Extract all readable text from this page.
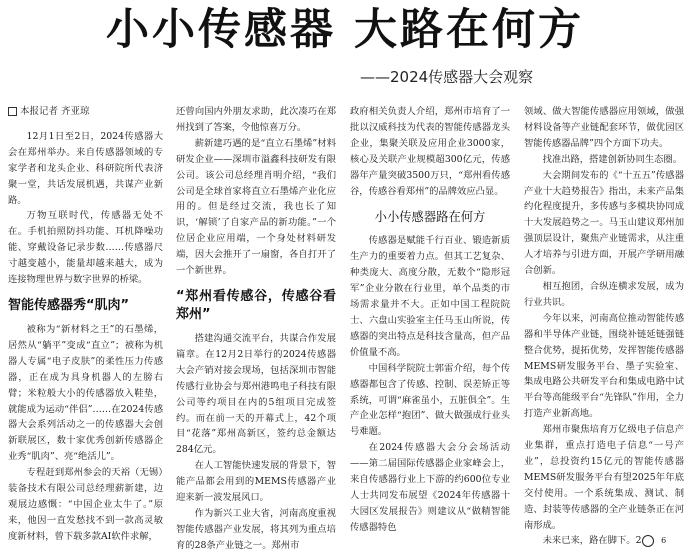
小小传感器 大路在何方
——2024传感器大会观察
本报记者 齐亚琼

12月1日至2日，2024传感器大会在郑州举办。来自传感器领域的专家学者和龙头企业、科研院所代表济聚一堂，共话发展机遇，共谋产业新路。

万物互联时代，传感器无处不在。手机拍照防抖功能、耳机降噪功能、穿戴设备记录步数……传感器尺寸越变越小，能量却越来越大，成为连接物理世界与数字世界的桥梁。

智能传感器秀“肌肉”

被称为“新材料之王”的石墨烯，居然从“躺平”变成“直立”；被称为机器人专属“电子皮肤”的柔性压力传感器，正在成为具身机器人的左膀右臂；米粒般大小的传感器放入鞋垫，就能成为运动“伴侣”……在2024传感器大会系列活动之一的传感器大会创新联展区，数十家优秀创新传感器企业秀“肌肉”、亮“绝活儿”。

专程赶到郑州参会的天裕（无锡）装备技术有限公司总经理薪新建，边观展边感慨：“中国企业太牛了。”原来，他因一直发愁找不到一款高灵敏度新材料，曾下载多款AI软件求解，

还曾向国内外朋友求助，此次凑巧在郑州找到了答案，令他惊喜万分。

薪新建巧遇的是“直立石墨烯”材料研发企业——深圳市溢鑫科技研发有限公司。该公司总经理肖明介绍，“我们公司是全球首家将直立石墨烯产业化应用的。但是经过交流，我也长了知识，‘解锁’了自家产品的新功能。”一个位居企业应用端，一个身处材料研发端，因大会推开了一扇窗，各自打开了一个新世界。

“郑州看传感谷，传感谷看郑州”

搭建沟通交流平台，共谋合作发展篇章。在12月2日举行的2024传感器大会产销对接会现场，包括深圳市智能传感行业协会与郑州港鸣电子科技有限公司等约项目在内的5组项目完成签约。而在前一天的开幕式上，42个项目“花落”郑州高新区，签约总金额达284亿元。

在人工智能快速发展的背景下，智能产品都会用到的MEMS传感器产业迎来新一波发展风口。

作为新兴工业大省，河南高度重视智能传感器产业发展，将其列为重点培育的28条产业链之一。郑州市

政府相关负责人介绍，郑州市培育了一批以汉威科技为代表的智能传感器龙头企业，集聚关联及应用企业3000家，核心及关联产业规模超300亿元，传感器年产量突破3500万只，“郑州看传感谷，传感谷看郑州”的品牌效应凸显。

小小传感器路在何方

传感器是赋能千行百业、锻造新质生产力的重要着力点。但其工艺复杂、种类庞大、高度分散，无数个“隐形冠军”企业分散在行业里，单个品类的市场需求量并不大。正如中国工程院院士、六盘山实验室主任马玉山所说，传感器的突出特点是科技含量高，但产品价值量不高。

中国科学院院士郭雷介绍，每个传感器都包含了传感、控制、误差矫正等系统，可谓“麻雀虽小，五脏俱全”。生产企业怎样“抱团”、做大做强成行业头号难题。

在2024传感器大会分会场活动——第二届国际传感器企业家峰会上，来自传感器行业上下游的约600位专业人士共同发布展望《2024年传感器十大园区发展报告》则建议从“做精智能传感器特色

领域、做大智能传感器应用领域，做强材料设备等产业链配套环节，做优园区智能传感器品牌”四个方面下功夫。

找准出路，搭建创新协同生态圈。

大会期间发布的《“十五五”传感器产业十大趋势报告》指出，未来产品集约化程度提升，多传感与多模块协同成十大发展趋势之一。马玉山建议郑州加强顶层设计，聚焦产业链需求，从注重人才培养与引进方面，开展产学研用融合创新。

相互抱团，合纵连横求发展，成为行业共识。

今年以来，河南高位推动智能传感器和半导体产业链，围绕补链延链强链整合优势，提拓优势，发挥智能传感器MEMS研发服务平台、墨子实验室、集成电路公共研发平台和集成电路中试平台等高能级平台“先锋队”作用，全力打造产业新高地。

郑州市聚焦培育万亿级电子信息产业集群，重点打造电子信息“一号产业”，总投资约15亿元的智能传感器MEMS研发服务平台有望2025年年底交付使用。一个系统集成、测试、制造、封装等传感器的全产业链条正在河南形成。

未来已来，路在脚下。2 6
